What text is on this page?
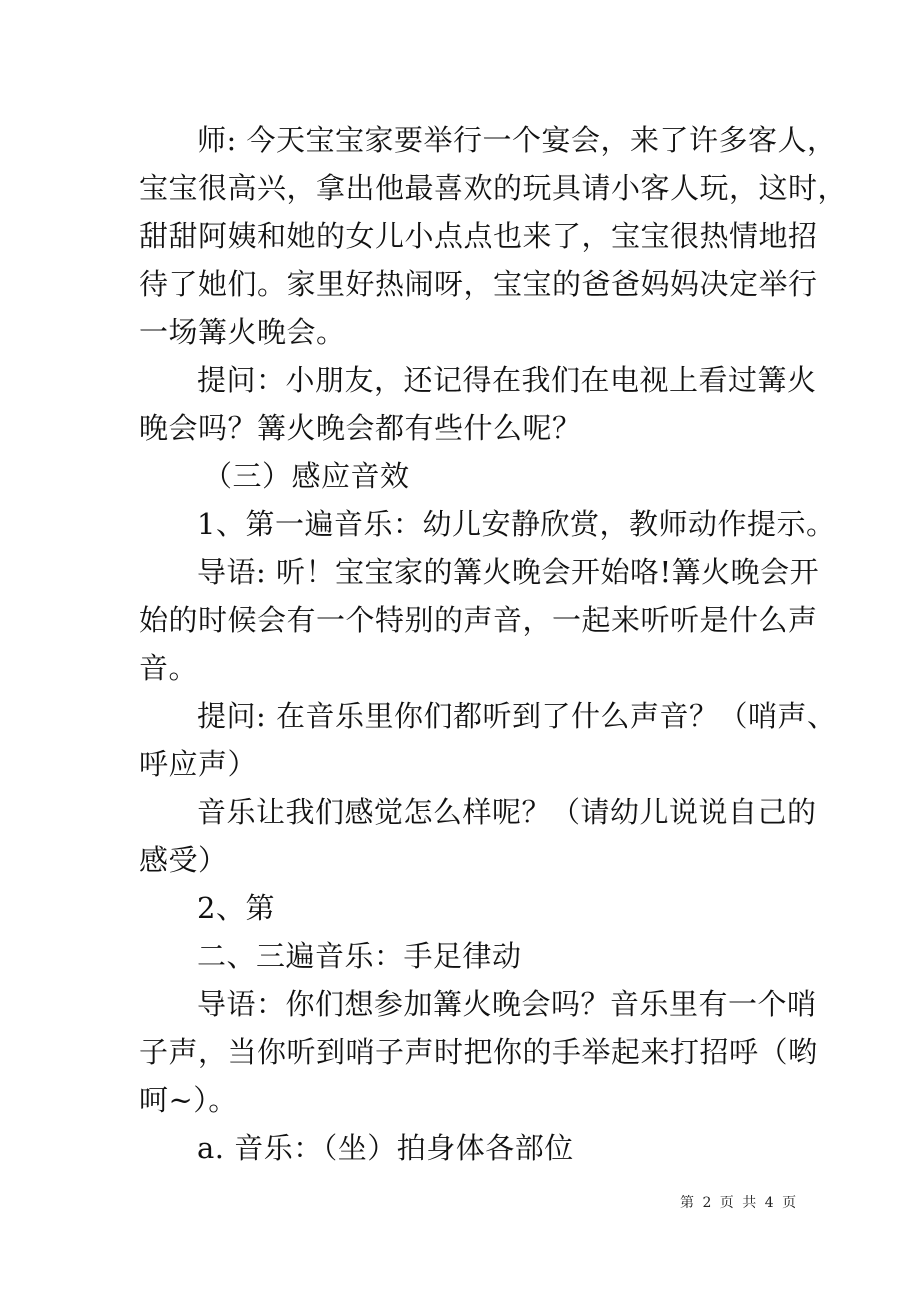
师: 今天宝宝家要举行一个宴会，来了许多客人，
宝宝很高兴，拿出他最喜欢的玩具请小客人玩，这时，
甜甜阿姨和她的女儿小点点也来了，宝宝很热情地招
待了她们。家里好热闹呀，宝宝的爸爸妈妈决定举行
一场篝火晚会。
提问：小朋友，还记得在我们在电视上看过篝火
晚会吗？篝火晚会都有些什么呢？
（三）感应音效
1、第一遍音乐：幼儿安静欣赏，教师动作提示。
导语: 听！宝宝家的篝火晚会开始咯!篝火晚会开
始的时候会有一个特别的声音，一起来听听是什么声
音。
提问: 在音乐里你们都听到了什么声音？（哨声、
呼应声）
音乐让我们感觉怎么样呢？（请幼儿说说自己的
感受）
2、第
二、三遍音乐：手足律动
导语：你们想参加篝火晚会吗？音乐里有一个哨
子声，当你听到哨子声时把你的手举起来打招呼（哟
呵~）。
a. 音乐：（坐）拍身体各部位
第 2 页 共 4 页
